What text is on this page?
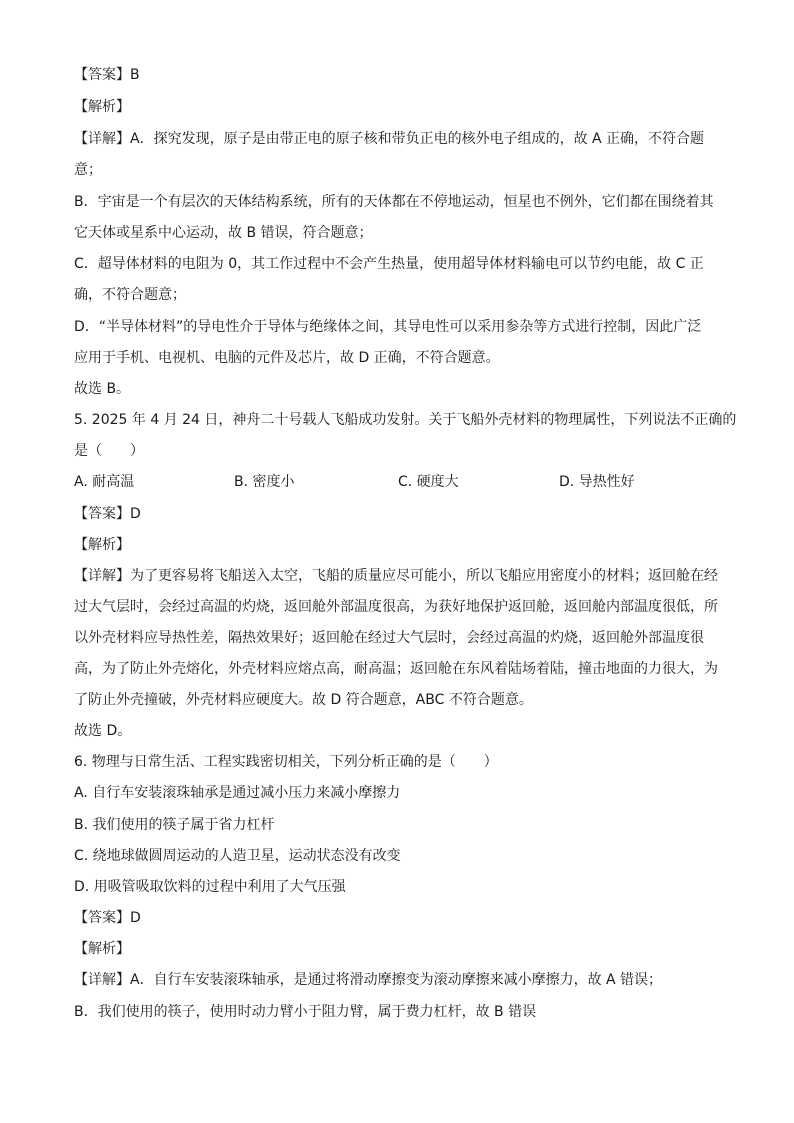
【答案】B
【解析】
【详解】A．探究发现，原子是由带正电的原子核和带负正电的核外电子组成的，故 A 正确，不符合题
意；
B．宇宙是一个有层次的天体结构系统，所有的天体都在不停地运动，恒星也不例外，它们都在围绕着其
它天体或星系中心运动，故 B 错误，符合题意；
C．超导体材料的电阻为 0，其工作过程中不会产生热量，使用超导体材料输电可以节约电能，故 C 正
确，不符合题意；
D．“半导体材料”的导电性介于导体与绝缘体之间，其导电性可以采用参杂等方式进行控制，因此广泛
应用于手机、电视机、电脑的元件及芯片，故 D 正确，不符合题意。
故选 B。
5. 2025 年 4 月 24 日，神舟二十号载人飞船成功发射。关于飞船外壳材料的物理属性，下列说法不正确的
是（　　）
A. 耐高温	B. 密度小	C. 硬度大	D. 导热性好
【答案】D
【解析】
【详解】为了更容易将飞船送入太空，飞船的质量应尽可能小，所以飞船应用密度小的材料；返回舱在经
过大气层时，会经过高温的灼烧，返回舱外部温度很高，为获好地保护返回舱，返回舱内部温度很低，所
以外壳材料应导热性差，隔热效果好；返回舱在经过大气层时，会经过高温的灼烧，返回舱外部温度很
高，为了防止外壳熔化，外壳材料应熔点高，耐高温；返回舱在东风着陆场着陆，撞击地面的力很大，为
了防止外壳撞破，外壳材料应硬度大。故 D 符合题意，ABC 不符合题意。
故选 D。
6. 物理与日常生活、工程实践密切相关，下列分析正确的是（　　）
A. 自行车安装滚珠轴承是通过减小压力来减小摩擦力
B. 我们使用的筷子属于省力杠杆
C. 绕地球做圆周运动的人造卫星，运动状态没有改变
D. 用吸管吸取饮料的过程中利用了大气压强
【答案】D
【解析】
【详解】A．自行车安装滚珠轴承，是通过将滑动摩擦变为滚动摩擦来减小摩擦力，故 A 错误；
B．我们使用的筷子，使用时动力臂小于阻力臂，属于费力杠杆，故 B 错误
